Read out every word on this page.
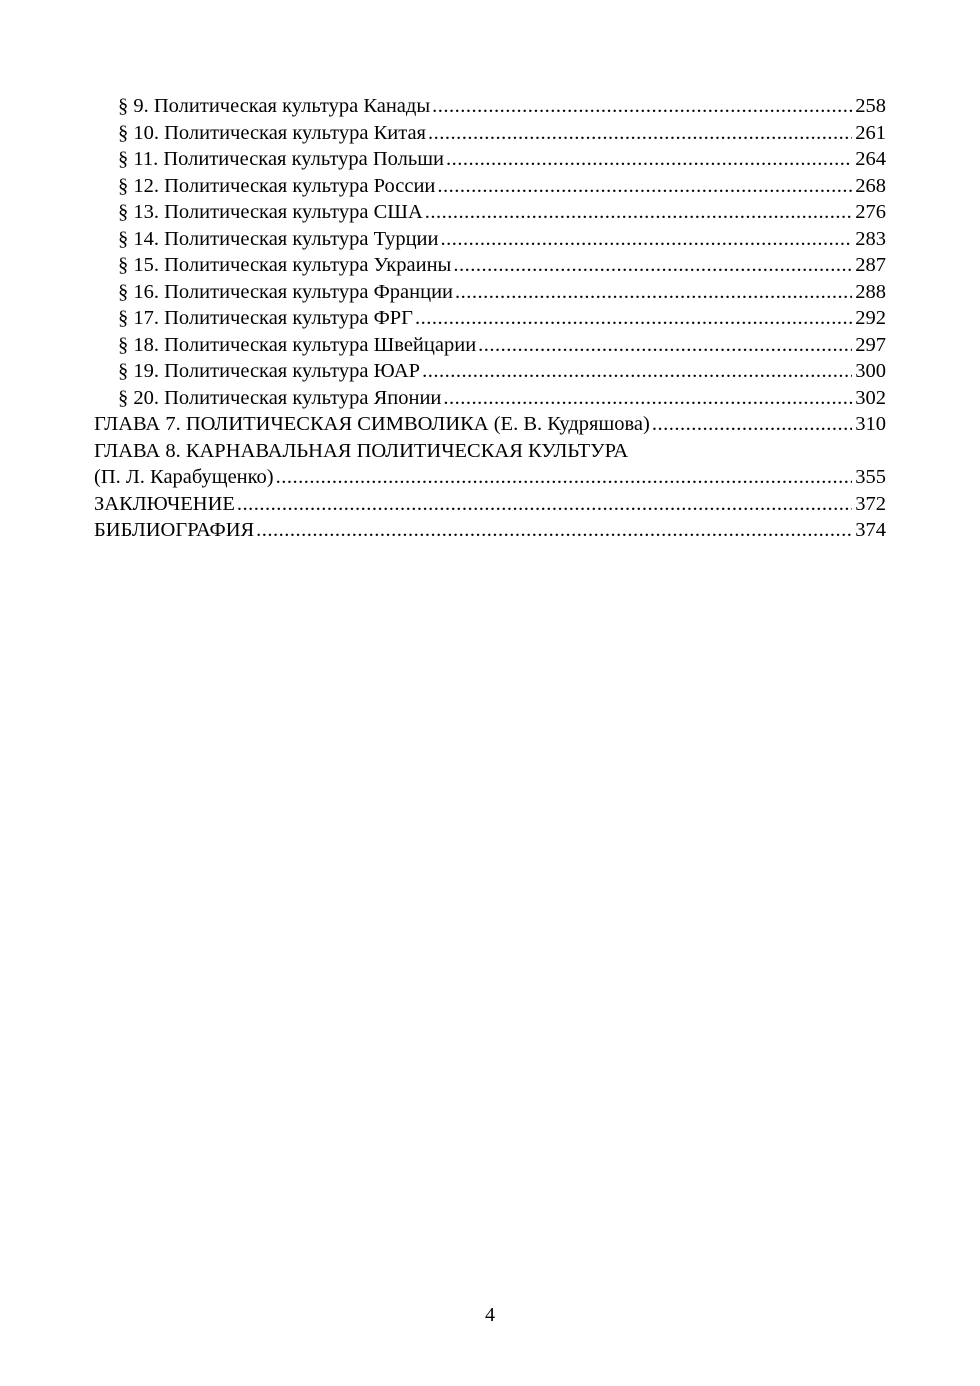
§ 9. Политическая культура Канады .....	258
§ 10. Политическая культура Китая .....	261
§ 11. Политическая культура Польши .....	264
§ 12. Политическая культура России .....	268
§ 13. Политическая культура США .....	276
§ 14. Политическая культура Турции .....	283
§ 15. Политическая культура Украины .....	287
§ 16. Политическая культура Франции .....	288
§ 17. Политическая культура ФРГ .....	292
§ 18. Политическая культура Швейцарии .....	297
§ 19. Политическая культура ЮАР .....	300
§ 20. Политическая культура Японии .....	302
ГЛАВА 7. ПОЛИТИЧЕСКАЯ СИМВОЛИКА (Е. В. Кудряшова) .....	310
ГЛАВА 8. КАРНАВАЛЬНАЯ ПОЛИТИЧЕСКАЯ КУЛЬТУРА
(П. Л. Карабущенко) .....	355
ЗАКЛЮЧЕНИЕ .....	372
БИБЛИОГРАФИЯ .....	374
4
